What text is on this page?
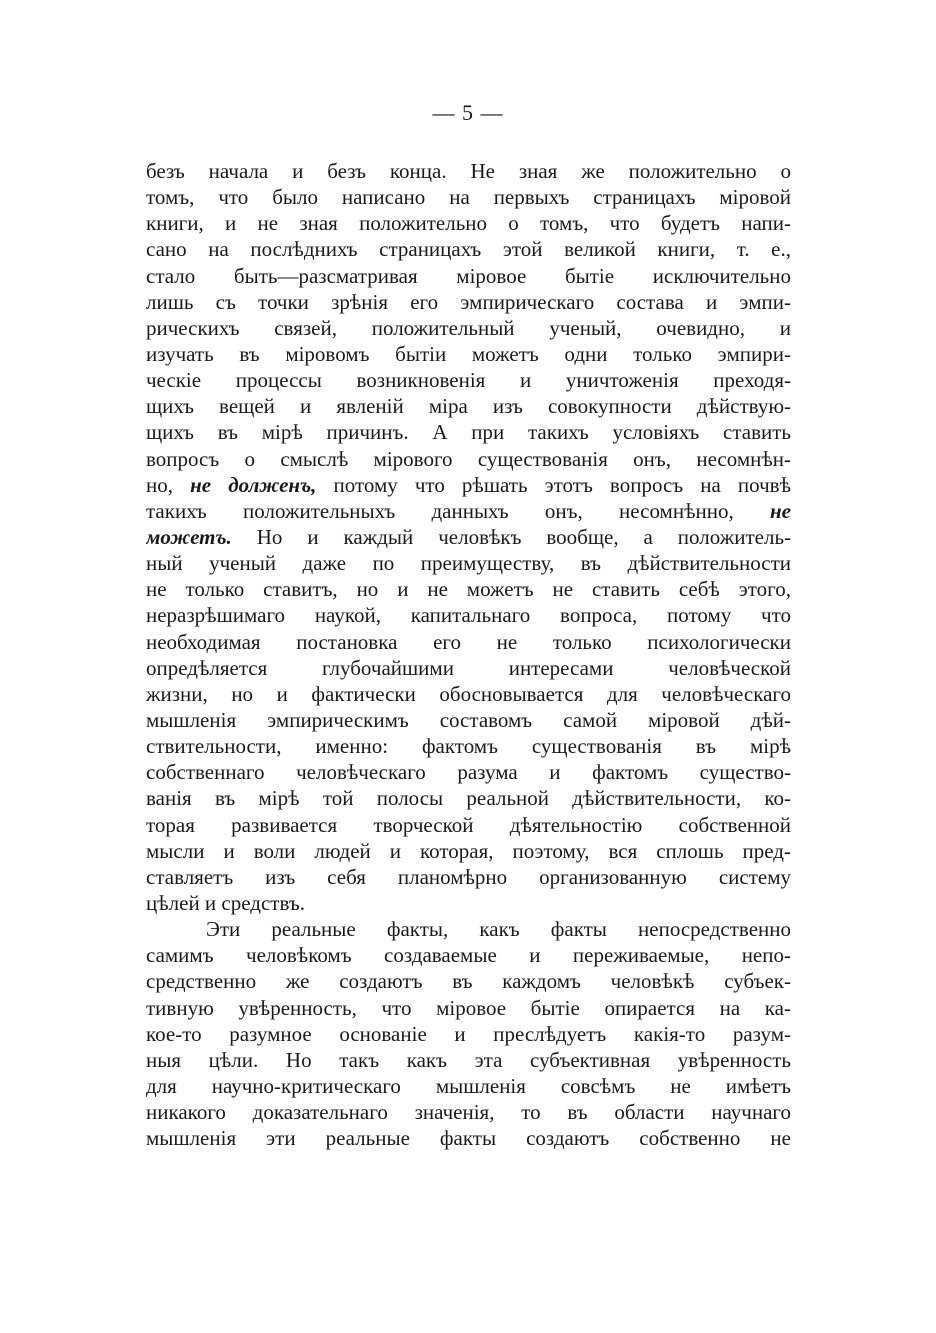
— 5 —
безъ начала и безъ конца. Не зная же положительно о
томъ, что было написано на первыхъ страницахъ міровой
книги, и не зная положительно о томъ, что будетъ напи-
сано на послѣднихъ страницахъ этой великой книги, т. е.,
стало быть—разсматривая міровое бытіе исключительно
лишь съ точки зрѣнія его эмпирическаго состава и эмпи-
рическихъ связей, положительный ученый, очевидно, и
изучать въ міровомъ бытіи можетъ одни только эмпири-
ческіе процессы возникновенія и уничтоженія преходя-
щихъ вещей и явленій міра изъ совокупности дѣйствую-
щихъ въ мірѣ причинъ. А при такихъ условіяхъ ставить
вопросъ о смыслѣ мірового существованія онъ, несомнѣн-
но, не долженъ, потому что рѣшать этотъ вопросъ на почвѣ
такихъ положительныхъ данныхъ онъ, несомнѣнно, не
можетъ. Но и каждый человѣкъ вообще, а положитель-
ный ученый даже по преимуществу, въ дѣйствительности
не только ставитъ, но и не можетъ не ставить себѣ этого,
неразрѣшимаго наукой, капитальнаго вопроса, потому что
необходимая постановка его не только психологически
опредѣляется глубочайшими интересами человѣческой
жизни, но и фактически обосновывается для человѣческаго
мышленія эмпирическимъ составомъ самой міровой дѣй-
ствительности, именно: фактомъ существованія въ мірѣ
собственнаго человѣческаго разума и фактомъ существо-
ванія въ мірѣ той полосы реальной дѣйствительности, ко-
торая развивается творческой дѣятельностію собственной
мысли и воли людей и которая, поэтому, вся сплошь пред-
ставляетъ изъ себя планомѣрно организованную систему
цѣлей и средствъ.
Эти реальные факты, какъ факты непосредственно
самимъ человѣкомъ создаваемые и переживаемые, непо-
средственно же создаютъ въ каждомъ человѣкѣ субъек-
тивную увѣренность, что міровое бытіе опирается на ка-
кое-то разумное основаніе и преслѣдуетъ какія-то разум-
ныя цѣли. Но такъ какъ эта субъективная увѣренность
для научно-критическаго мышленія совсѣмъ не имѣетъ
никакого доказательнаго значенія, то въ области научнаго
мышленія эти реальные факты создаютъ собственно не
